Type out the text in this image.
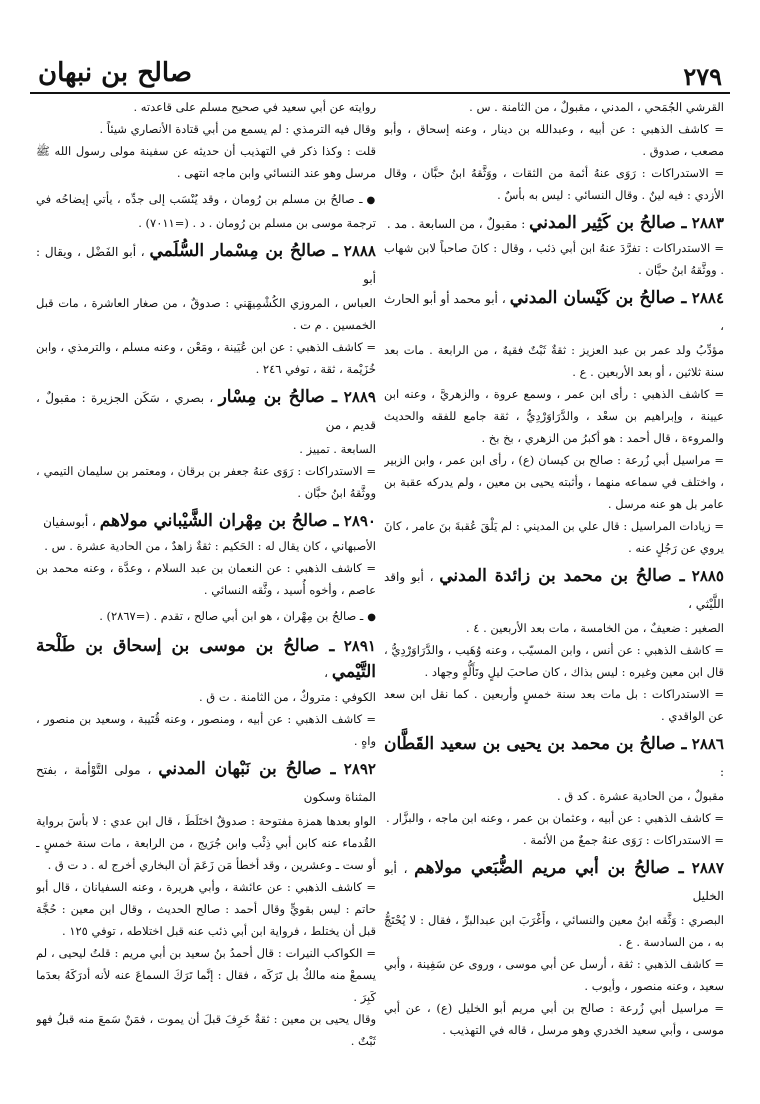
٢٧٩
صالح بن نبهان
القرشي الجُمَحي ، المدني ، مقبولٌ ، من الثامنة . س .
= كاشف الذهبي : عن أبيه ، وعبدالله بن دينار ، وعنه إسحاق ، وأبو مصعب ، صدوق .
= الاستدراكات : رَوَى عنهُ أئمة من الثقات ، ووَثَّقهُ ابنُ حبَّان ، وقال الأزدي : فيه لينٌ . وقال النسائي : ليس به بأسٌ .
٢٨٨٣ ـ صالحُ بن كَثِير المدني : مقبولٌ ، من السابعة . مد .
= الاستدراكات : تفرَّدَ عنهُ ابن أبي ذئب ، وقال : كانَ صاحباً لابن شهاب . ووثَّقهُ ابنُ حبَّان .
٢٨٨٤ ـ صالحُ بن كَيْسان المدني ، أبو محمد أو أبو الحارث ،
مؤدِّبُ ولد عمر بن عبد العزيز : ثقةٌ ثَبْتٌ فقيهٌ ، من الرابعة . مات بعد سنة ثلاثين ، أو بعد الأربعين . ع .
= كاشف الذهبي : رأى ابن عمر ، وسمع عروة ، والزهريَّ ، وعنه ابن عيينة ، وإبراهيم بن سعْد ، والدَّرَاوَرْدِيُّ ، ثقة جامع للفقه والحديث والمروءة ، قال أحمد : هو أكبرُ من الزهري ، بخ بخ .
= مراسيل أبي زُرعة : صالح بن كيسان (ع) ، رأى ابن عمر ، وابن الزبير ، واختلف في سماعه منهما ، وأثبته يحيى بن معين ، ولم يدركه عقبة بن عامر بل هو عنه مرسل .
= زيادات المراسيل : قال علي بن المديني : لم يَلْقَ عُقبةَ بنَ عامر ، كانَ يروي عن رَجُلٍ عنه .
٢٨٨٥ ـ صالحُ بن محمد بن زائدة المدني ، أبو واقد اللَّيْثي ،
الصغير : ضعيفٌ ، من الخامسة ، مات بعد الأربعين . ٤ .
= كاشف الذهبي : عن أنس ، وابن المسيّب ، وعنه وُهَيب ، والدَّرَاوَرْدِيُّ ، قال ابن معين وغيره : ليس بذاك ، كان صاحبَ ليلٍ وتَأَلُّهٍ وجهاد .
= الاستدراكات : بل مات بعد سنة خمسٍ وأربعين . كما نقل ابن سعد عن الواقدي .
٢٨٨٦ ـ صالحُ بن محمد بن يحيى بن سعيد القَطَّان :
مقبولٌ ، من الحادية عشرة . كد ق .
= كاشف الذهبي : عن أبيه ، وعثمان بن عمر ، وعنه ابن ماجه ، والبزَّار .
= الاستدراكات : رَوَى عنهُ جمعٌ من الأئمة .
٢٨٨٧ ـ صالحُ بن أبي مريم الضُّبَعي مولاهم ، أبو الخليل
البصري : وَثَّقه ابنُ معين والنسائي ، وأَغْرَبَ ابن عبدالبرِّ ، فقال : لا يُحْتَجُّ به ، من السادسة . ع .
= كاشف الذهبي : ثقة ، أرسل عن أبي موسى ، وروى عن سَفِينة ، وأبي سعيد ، وعنه منصور ، وأيوب .
= مراسيل أبي زُرعة : صالح بن أبي مريم أبو الخليل (ع) ، عن أبي موسى ، وأبي سعيد الخدري وهو مرسل ، قاله في التهذيب .
روايته عن أبي سعيد في صحيح مسلم على قاعدته .
وقال فيه الترمذي : لم يسمع من أبي قتادة الأنصاري شيئاً .
قلت : وكذا ذكر في التهذيب أن حديثه عن سفينة مولى رسول الله ﷺ مرسل وهو عند النسائي وابن ماجه انتهى .
●ـ صالحُ بن مسلم بن رُومان ، وقد يُنْسَب إلى جدِّه ، يأتي إيضاحُه في ترجمة موسى بن مسلم بن رُومان . د . (=٧٠١١) .
٢٨٨٨ ـ صالحُ بن مِسْمار السُّلَمي ، أبو الفَضْل ، ويقال : أبو
العباس ، المروزي الكُشْمِيهَني : صدوقٌ ، من صغار العاشرة ، مات قبل الخمسين . م ت .
= كاشف الذهبي : عن ابن عُيَينة ، ومَعْن ، وعنه مسلم ، والترمذي ، وابن خُزَيْمة ، ثقة ، توفي ٢٤٦ .
٢٨٨٩ ـ صالحُ بن مِسْار ، بصري ، سَكَن الجزيرة : مقبولٌ ، قديم ، من
السابعة . تمييز .
= الاستدراكات : رَوَى عنهُ جعفر بن برقان ، ومعتمر بن سليمان التيمي ، ووثَّقهُ ابنُ حبَّان .
٢٨٩٠ ـ صالحُ بن مِهْران الشَّيْباني مولاهم ، أبوسفيان
الأصبهاني ، كان يقال له : الحَكيم : ثقةٌ زاهدٌ ، من الحادية عشرة . س .
= كاشف الذهبي : عن النعمان بن عبد السلام ، وعدَّة ، وعنه محمد بن عاصم ، وأخوه أُسيد ، وثَّقه النسائي .
●ـ صالحُ بن مِهْران ، هو ابن أبي صالح ، تقدم . (=٢٨٦٧) .
٢٨٩١ ـ صالحُ بن موسى بن إسحاق بن طَلْحة التَّيْمي ،
الكوفي : متروكٌ ، من الثامنة . ت ق .
= كاشف الذهبي : عن أبيه ، ومنصور ، وعنه قُتَيبة ، وسعيد بن منصور ، واهٍ .
٢٨٩٢ ـ صالحُ بن نَبْهان المدني ، مولى التَّوْأمة ، بفتح المثناة وسكون
الواو بعدها همزة مفتوحة : صدوقٌ اختَلَطَ ، قال ابن عدي : لا بأسَ برواية القُدماء عنه كابن أبي ذِئْب وابن جُرَيج ، من الرابعة ، مات سنة خمسٍ ـ أو ست ـ وعشرين ، وقد أخطأ مَن زَعَمَ أن البخاري أخرج له . د ت ق .
= كاشف الذهبي : عن عائشة ، وأبي هريرة ، وعنه السفيانان ، قال أبو حاتم : ليس بقويٍّ وقال أحمد : صالح الحديث ، وقال ابن معين : حُجَّة قبل أن يختلط ، فرواية ابن أبي ذئب عنه قبل اختلاطه ، توفي ١٢٥ .
= الكواكب النيرات : قال أحمدُ بنُ سعيد بن أبي مريم : قلتُ ليحيى ، لم يسمعْ منه مالكٌ بل تَرَكَه ، فقال : إنَّما تَرَكَ السماعَ عنه لأنه أدرَكَهُ بعدَما كَبِرَ .
وقال يحيى بن معين : ثقةٌ خَرِفَ قبلَ أن يموت ، فمَنْ سَمعَ منه قبلُ فهو ثَبْتٌ .
